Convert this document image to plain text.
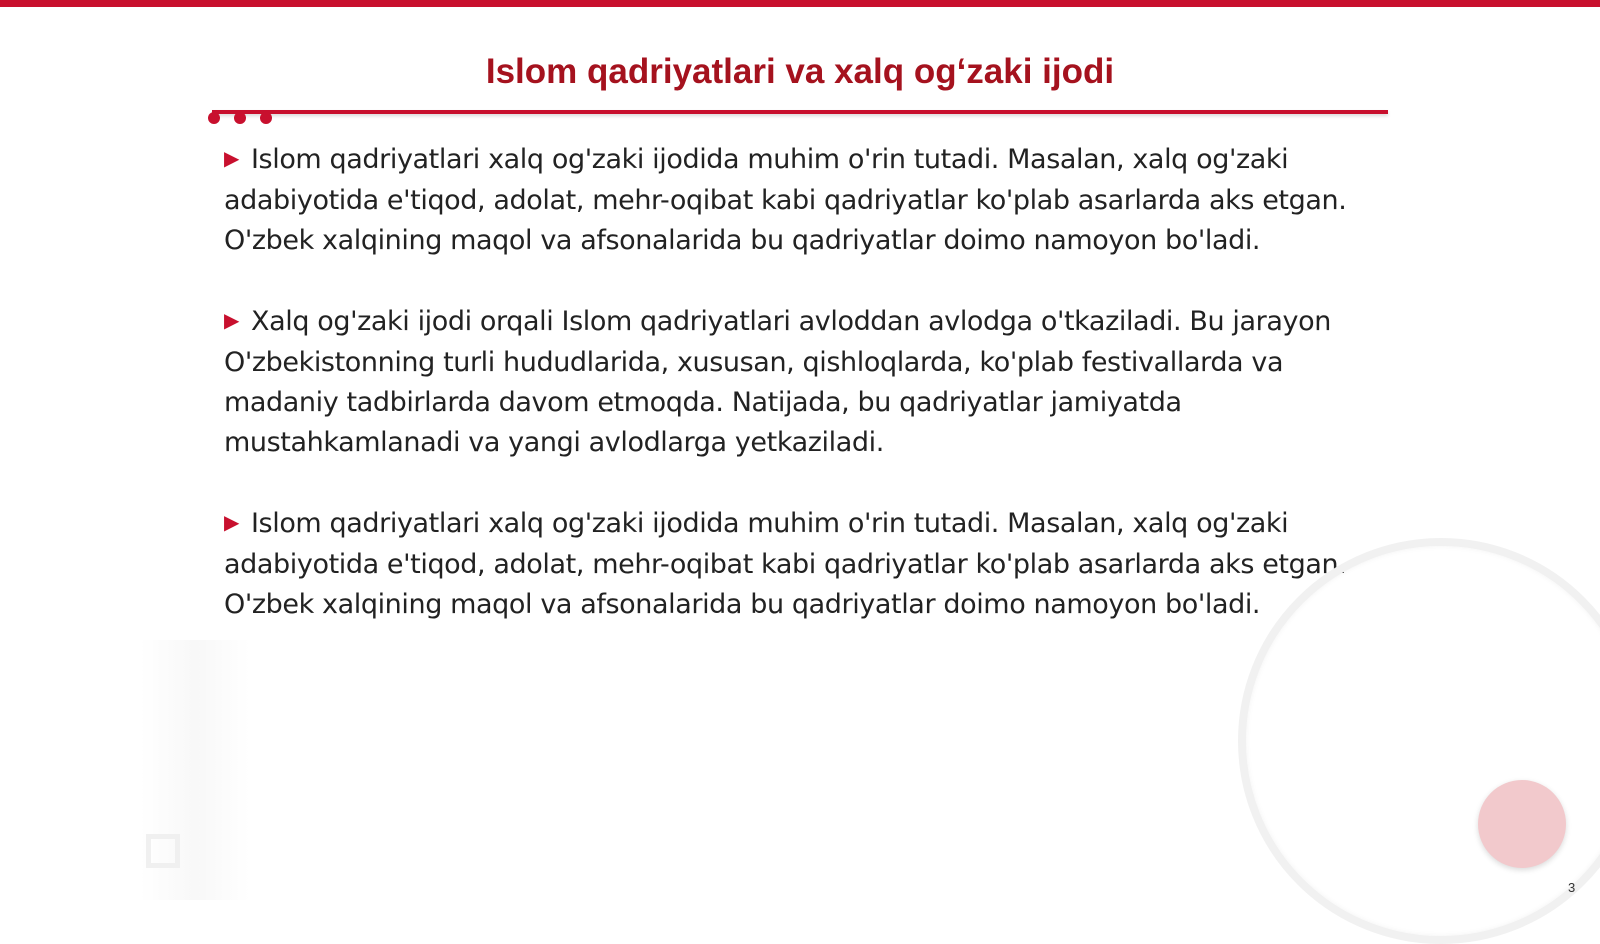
Islom qadriyatlari va xalq og‘zaki ijodi

▶ Islom qadriyatlari xalq og'zaki ijodida muhim o'rin tutadi. Masalan, xalq og'zaki adabiyotida e'tiqod, adolat, mehr-oqibat kabi qadriyatlar ko'plab asarlarda aks etgan. O'zbek xalqining maqol va afsonalarida bu qadriyatlar doimo namoyon bo'ladi.

▶ Xalq og'zaki ijodi orqali Islom qadriyatlari avloddan avlodga o'tkaziladi. Bu jarayon O'zbekistonning turli hududlarida, xususan, qishloqlarda, ko'plab festivallarda va madaniy tadbirlarda davom etmoqda. Natijada, bu qadriyatlar jamiyatda mustahkamlanadi va yangi avlodlarga yetkaziladi.

▶ Islom qadriyatlari xalq og'zaki ijodida muhim o'rin tutadi. Masalan, xalq og'zaki adabiyotida e'tiqod, adolat, mehr-oqibat kabi qadriyatlar ko'plab asarlarda aks etgan. O'zbek xalqining maqol va afsonalarida bu qadriyatlar doimo namoyon bo'ladi.

3
